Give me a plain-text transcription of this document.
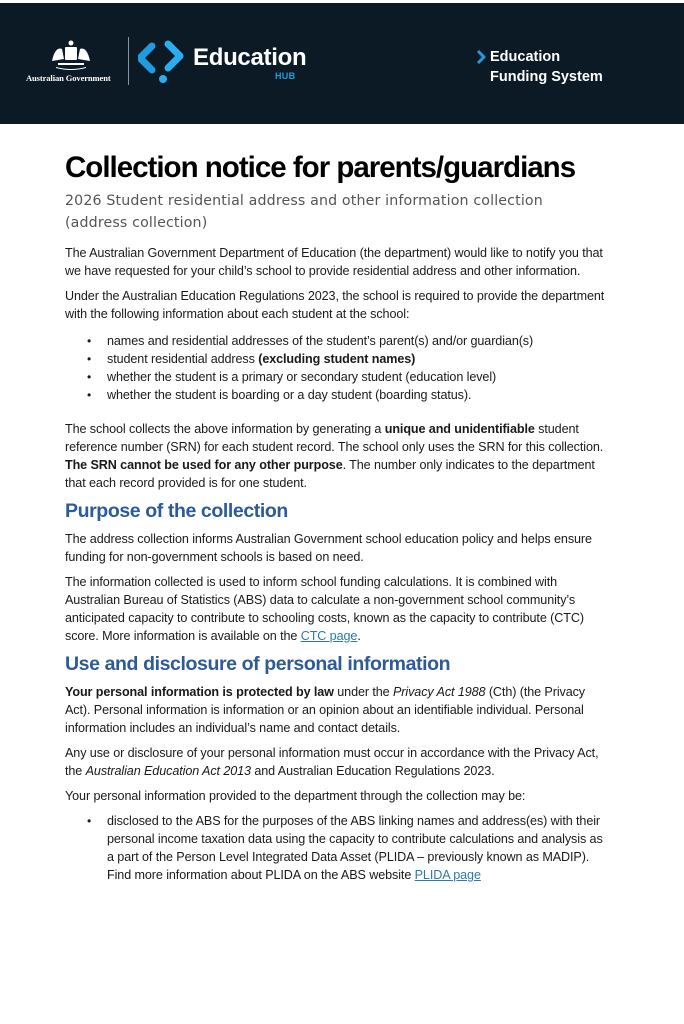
Australian Government
Education
HUB
Education
Funding System
Collection notice for parents/guardians
2026 Student residential address and other information collection (address collection)

The Australian Government Department of Education (the department) would like to notify you that we have requested for your child’s school to provide residential address and other information.

Under the Australian Education Regulations 2023, the school is required to provide the department with the following information about each student at the school:

• names and residential addresses of the student’s parent(s) and/or guardian(s)
• student residential address (excluding student names)
• whether the student is a primary or secondary student (education level)
• whether the student is boarding or a day student (boarding status).

The school collects the above information by generating a unique and unidentifiable student reference number (SRN) for each student record. The school only uses the SRN for this collection. The SRN cannot be used for any other purpose. The number only indicates to the department that each record provided is for one student.

Purpose of the collection

The address collection informs Australian Government school education policy and helps ensure funding for non-government schools is based on need.

The information collected is used to inform school funding calculations. It is combined with Australian Bureau of Statistics (ABS) data to calculate a non-government school community’s anticipated capacity to contribute to schooling costs, known as the capacity to contribute (CTC) score. More information is available on the CTC page.

Use and disclosure of personal information

Your personal information is protected by law under the Privacy Act 1988 (Cth) (the Privacy Act). Personal information is information or an opinion about an identifiable individual. Personal information includes an individual’s name and contact details.

Any use or disclosure of your personal information must occur in accordance with the Privacy Act, the Australian Education Act 2013 and Australian Education Regulations 2023.

Your personal information provided to the department through the collection may be:

• disclosed to the ABS for the purposes of the ABS linking names and address(es) with their personal income taxation data using the capacity to contribute calculations and analysis as a part of the Person Level Integrated Data Asset (PLIDA – previously known as MADIP). Find more information about PLIDA on the ABS website PLIDA page
